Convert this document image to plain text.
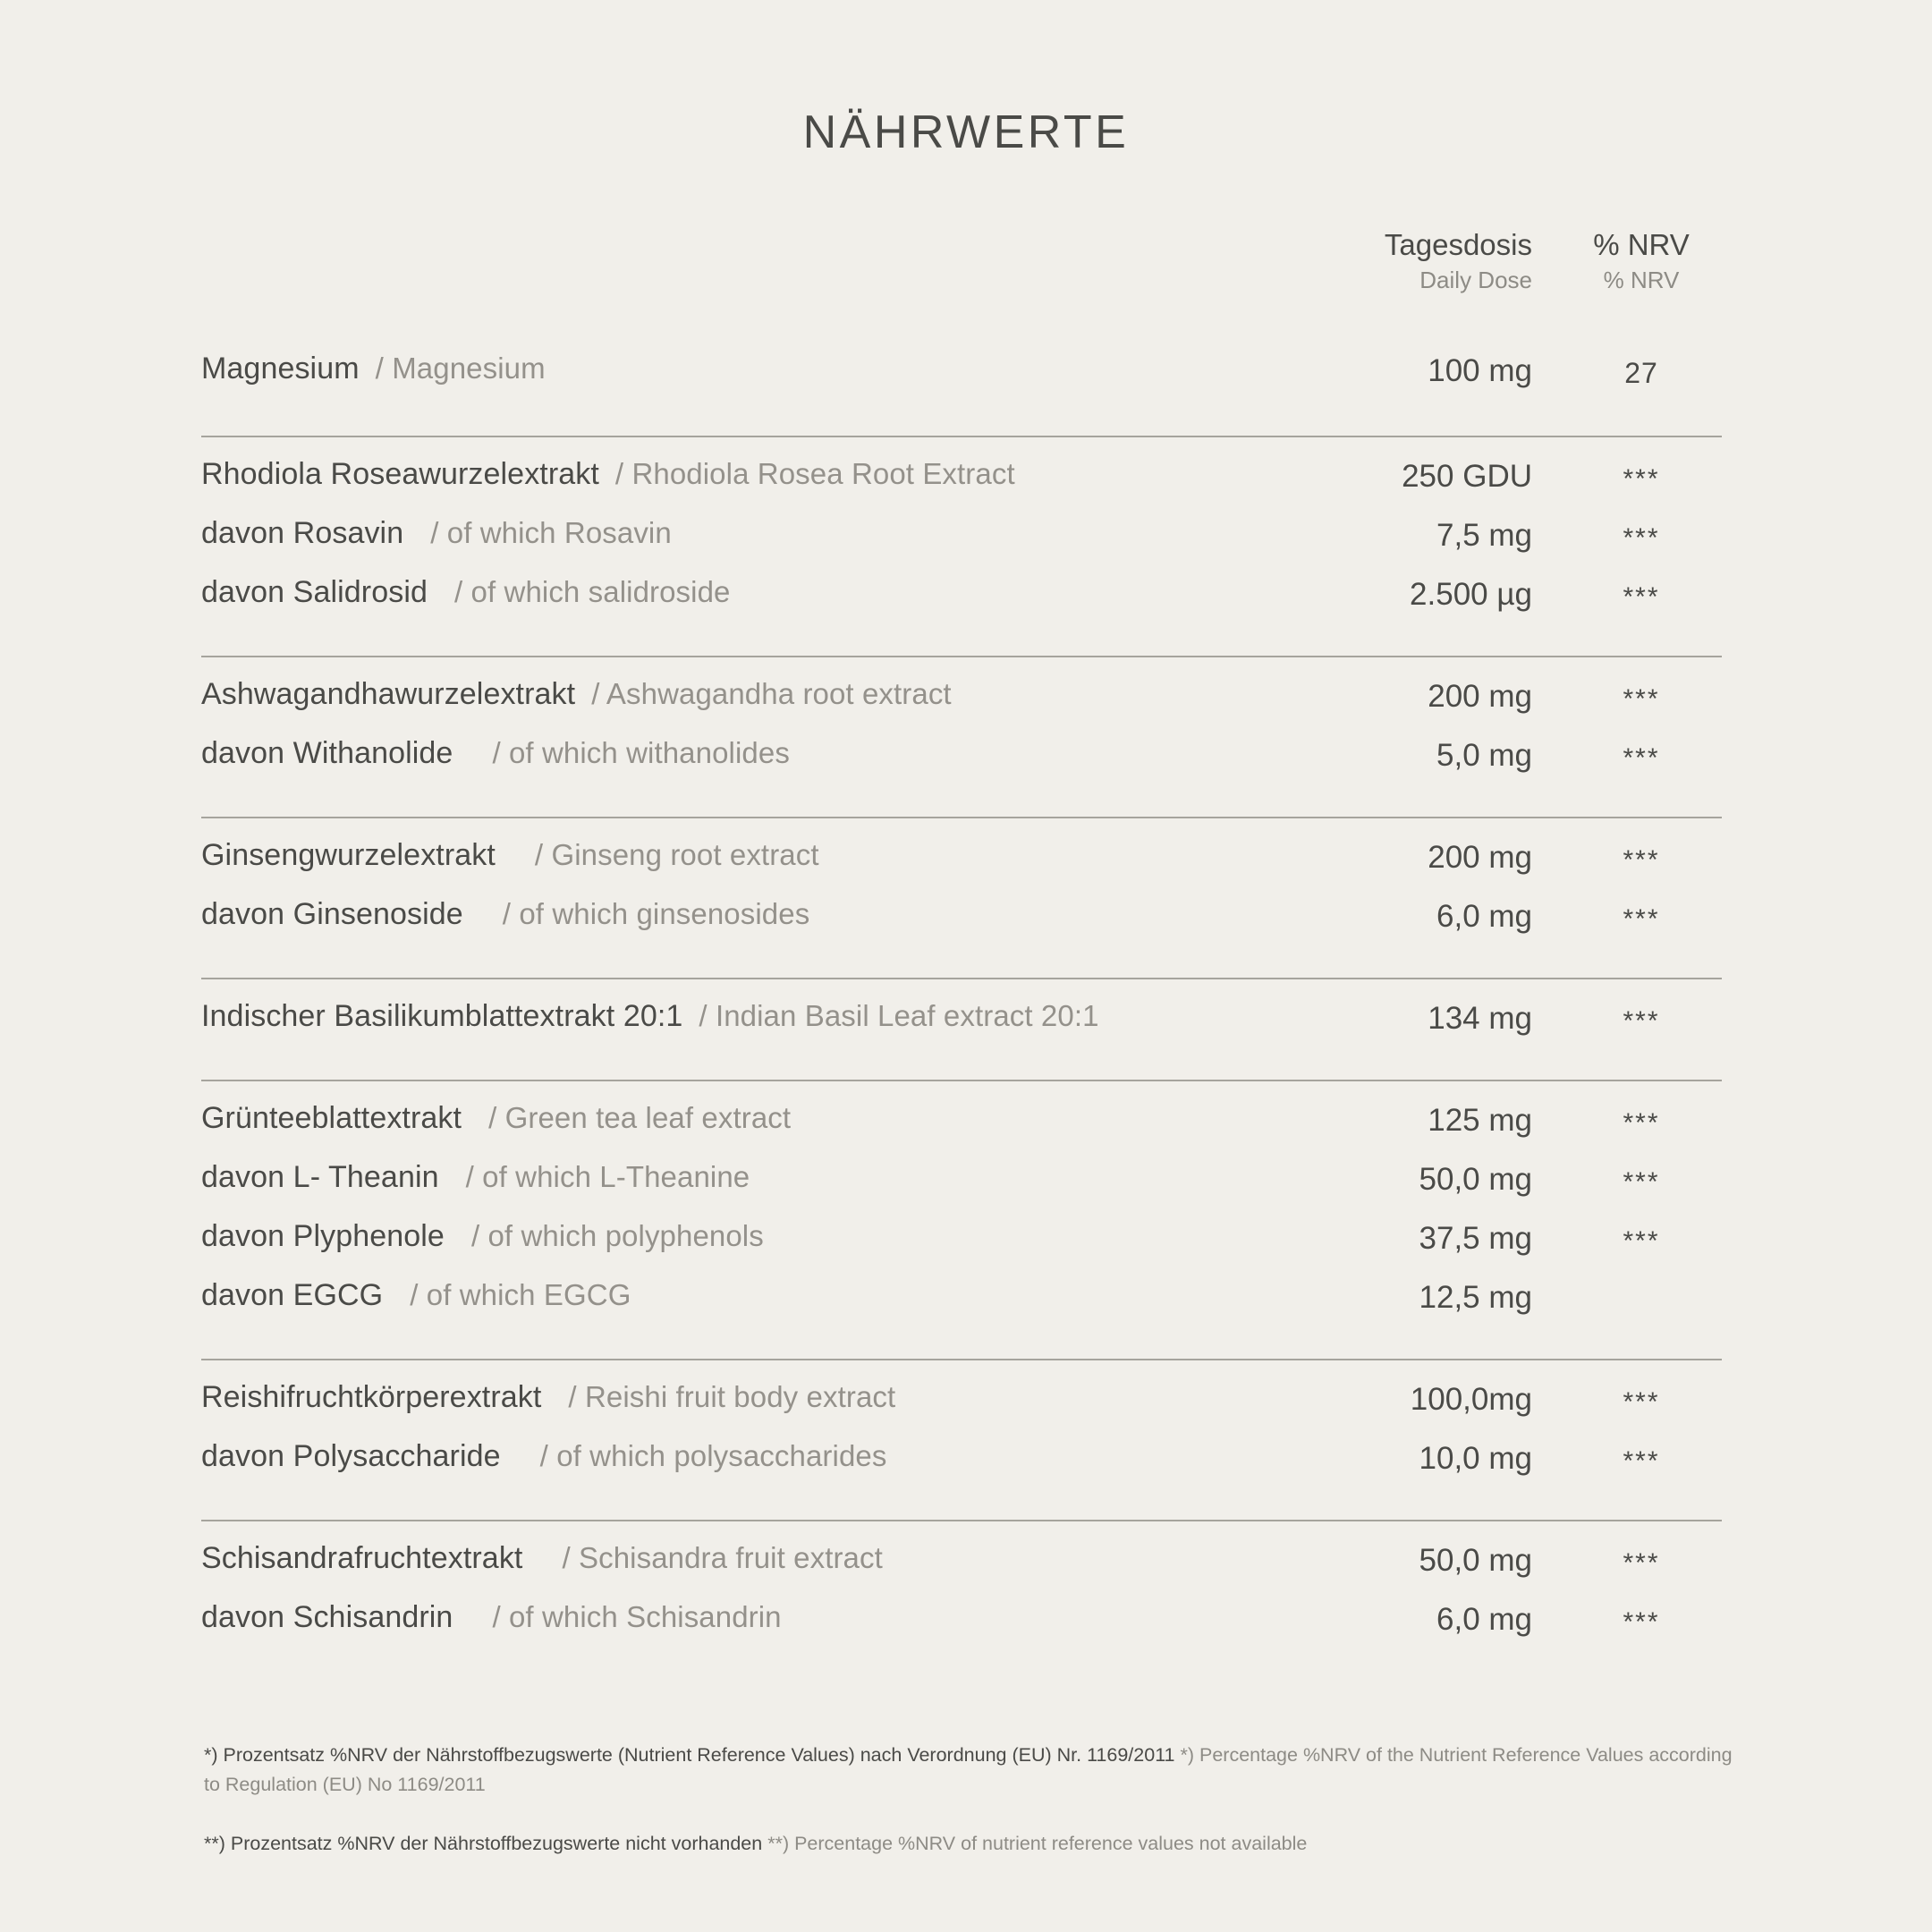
NÄHRWERTE
Tagesdosis
Daily Dose
% NRV
% NRV
Magnesium / Magnesium	100 mg	27
Rhodiola Roseawurzelextrakt / Rhodiola Rosea Root Extract	250 GDU	***
davon Rosavin / of which Rosavin	7,5 mg	***
davon Salidrosid / of which salidroside	2.500 µg	***
Ashwagandhawurzelextrakt / Ashwagandha root extract	200 mg	***
davon Withanolide / of which withanolides	5,0 mg	***
Ginsengwurzelextrakt / Ginseng root extract	200 mg	***
davon Ginsenoside / of which ginsenosides	6,0 mg	***
Indischer Basilikumblattextrakt 20:1 / Indian Basil Leaf extract 20:1	134 mg	***
Grünteeblattextrakt / Green tea leaf extract	125 mg	***
davon L- Theanin / of which L-Theanine	50,0 mg	***
davon Plyphenole / of which polyphenols	37,5 mg	***
davon EGCG / of which EGCG	12,5 mg
Reishifruchtkörperextrakt / Reishi fruit body extract	100,0mg	***
davon Polysaccharide / of which polysaccharides	10,0 mg	***
Schisandrafruchtextrakt / Schisandra fruit extract	50,0 mg	***
davon Schisandrin / of which Schisandrin	6,0 mg	***
*) Prozentsatz %NRV der Nährstoffbezugswerte (Nutrient Reference Values) nach Verordnung (EU) Nr. 1169/2011 *) Percentage %NRV of the Nutrient Reference Values according to Regulation (EU) No 1169/2011
**) Prozentsatz %NRV der Nährstoffbezugswerte nicht vorhanden **) Percentage %NRV of nutrient reference values not available
